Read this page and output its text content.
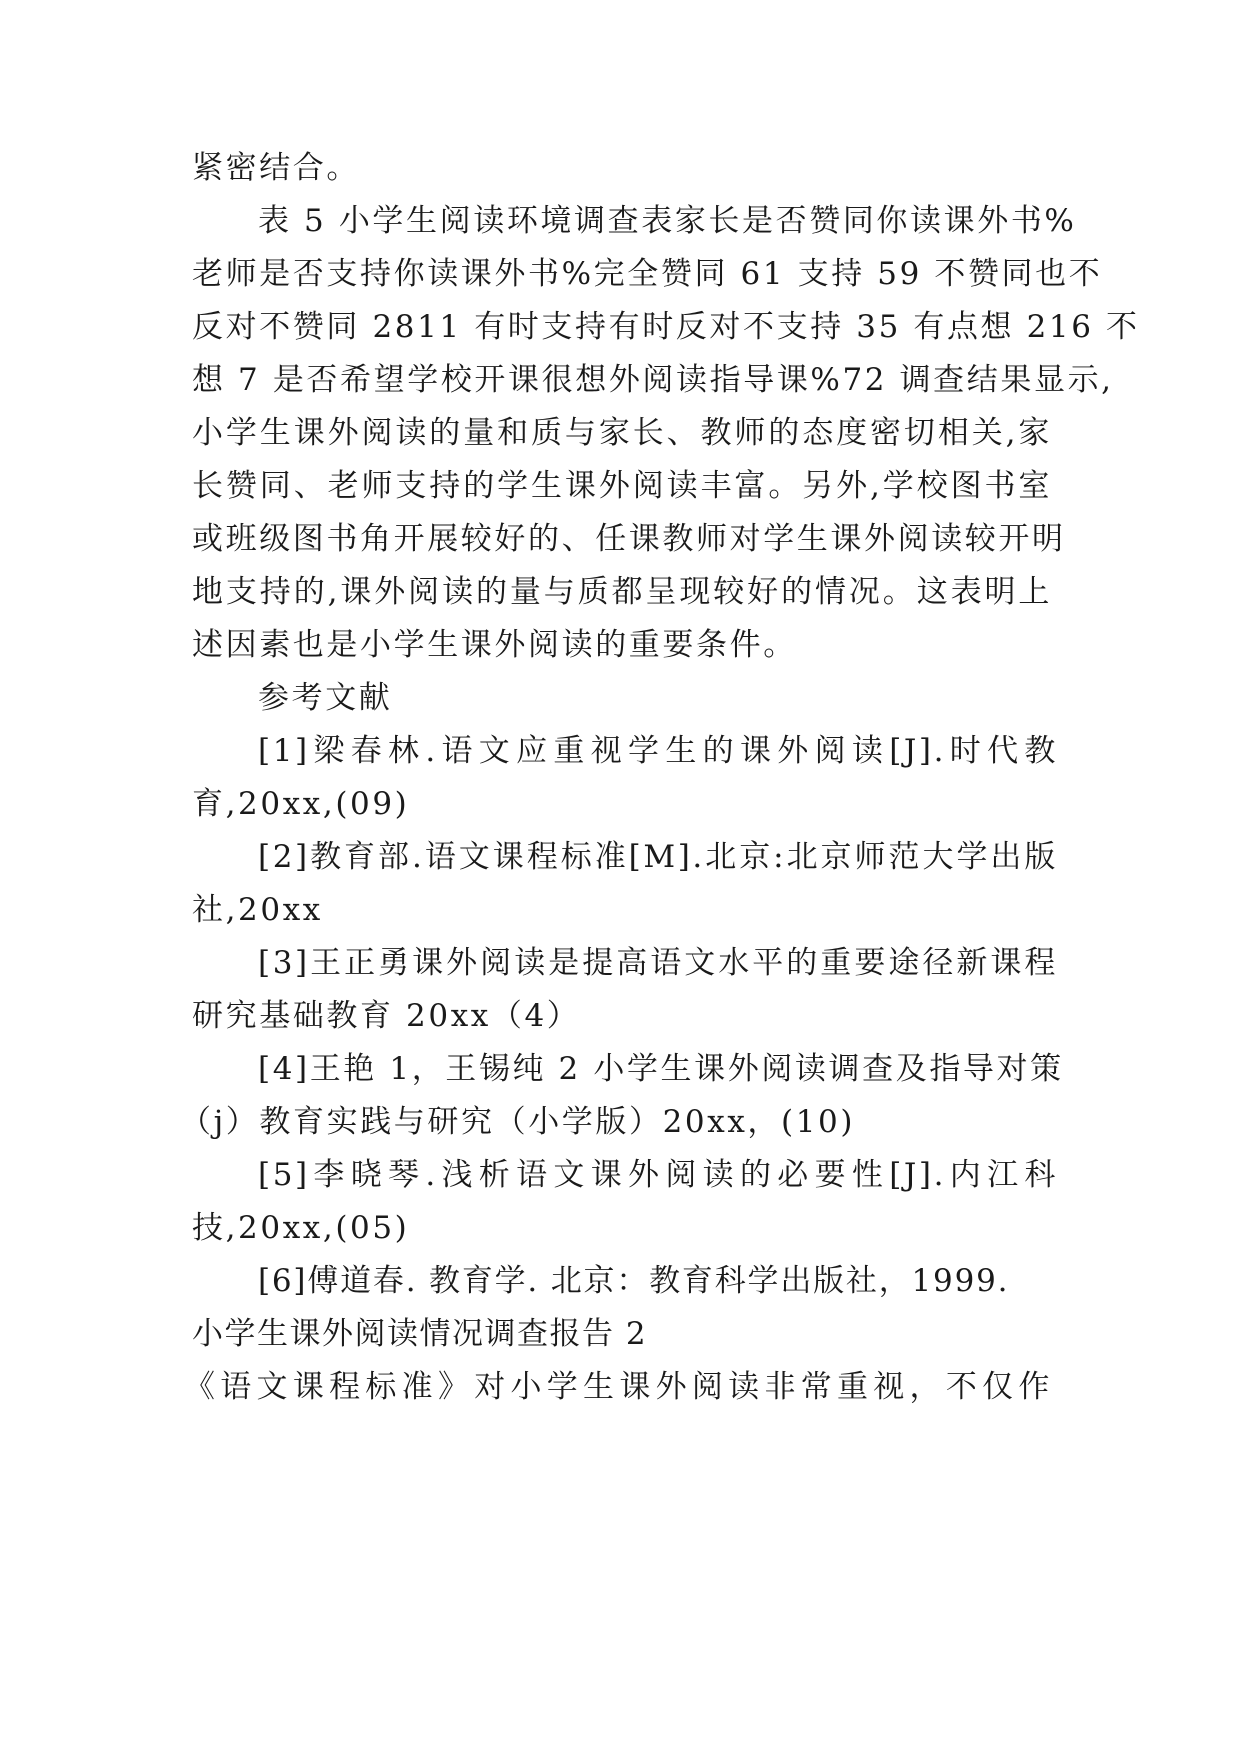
紧密结合。
表 5 小学生阅读环境调查表家长是否赞同你读课外书%
老师是否支持你读课外书%完全赞同 61 支持 59 不赞同也不
反对不赞同 2811 有时支持有时反对不支持 35 有点想 216 不
想 7 是否希望学校开课很想外阅读指导课%72 调查结果显示,
小学生课外阅读的量和质与家长、教师的态度密切相关,家
长赞同、老师支持的学生课外阅读丰富。另外,学校图书室
或班级图书角开展较好的、任课教师对学生课外阅读较开明
地支持的,课外阅读的量与质都呈现较好的情况。这表明上
述因素也是小学生课外阅读的重要条件。
参考文献
[1]梁春林.语文应重视学生的课外阅读[J].时代教
育,20xx,(09)
[2]教育部.语文课程标准[M].北京:北京师范大学出版
社,20xx
[3]王正勇课外阅读是提高语文水平的重要途径新课程
研究基础教育 20xx（4）
[4]王艳 1，王锡纯 2 小学生课外阅读调查及指导对策
（j）教育实践与研究（小学版）20xx，(10)
[5]李晓琴.浅析语文课外阅读的必要性[J].内江科
技,20xx,(05)
[6]傅道春. 教育学. 北京：教育科学出版社，1999.
小学生课外阅读情况调查报告 2
《语文课程标准》对小学生课外阅读非常重视，不仅作
